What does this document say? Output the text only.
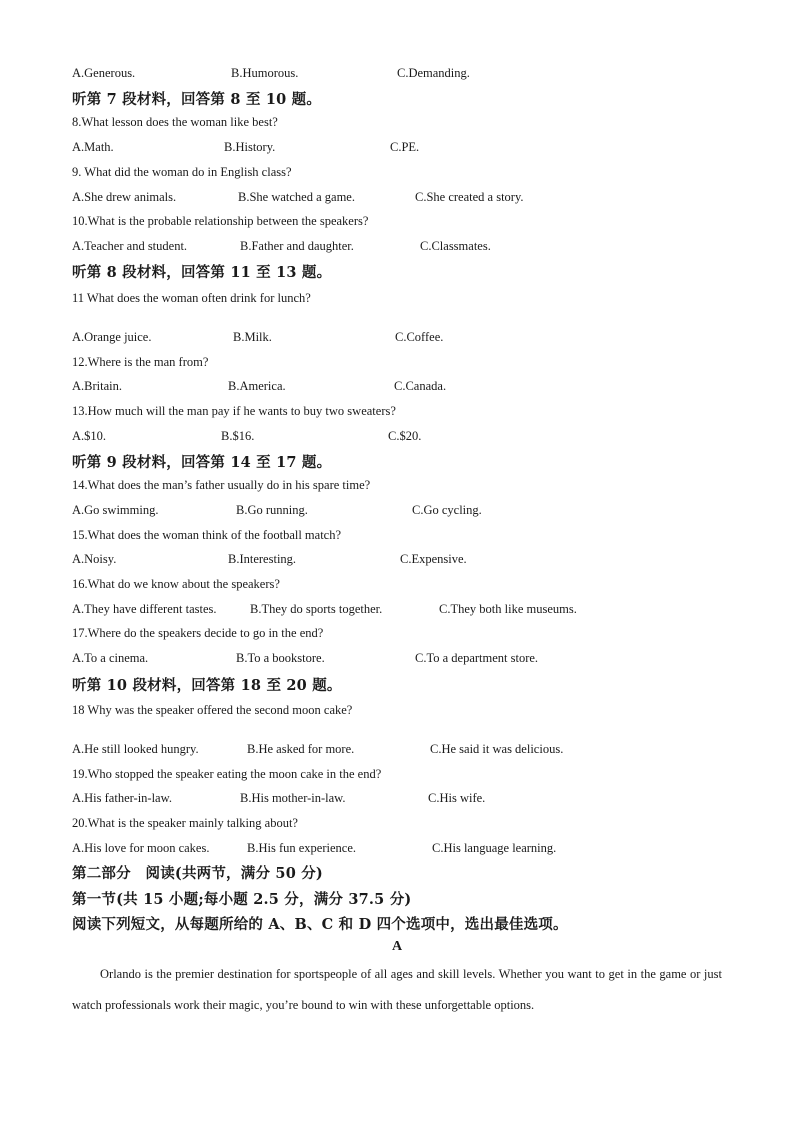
A.Generous.	B.Humorous.	C.Demanding.
听第 7 段材料，回答第 8 至 10 题。
8.What lesson does the woman like best?
A.Math.	B.History.	C.PE.
9. What did the woman do in English class?
A.She drew animals.	B.She watched a game.	C.She created a story.
10.What is the probable relationship between the speakers?
A.Teacher and student.	B.Father and daughter.	C.Classmates.
听第 8 段材料，回答第 11 至 13 题。
11 What does the woman often drink for lunch?
A.Orange juice.	B.Milk.	C.Coffee.
12.Where is the man from?
A.Britain.	B.America.	C.Canada.
13.How much will the man pay if he wants to buy two sweaters?
A.$10.	B.$16.	C.$20.
听第 9 段材料，回答第 14 至 17 题。
14.What does the man’s father usually do in his spare time?
A.Go swimming.	B.Go running.	C.Go cycling.
15.What does the woman think of the football match?
A.Noisy.	B.Interesting.	C.Expensive.
16.What do we know about the speakers?
A.They have different tastes.	B.They do sports together.	C.They both like museums.
17.Where do the speakers decide to go in the end?
A.To a cinema.	B.To a bookstore.	C.To a department store.
听第 10 段材料，回答第 18 至 20 题。
18 Why was the speaker offered the second moon cake?
A.He still looked hungry.	B.He asked for more.	C.He said it was delicious.
19.Who stopped the speaker eating the moon cake in the end?
A.His father-in-law.	B.His mother-in-law.	C.His wife.
20.What is the speaker mainly talking about?
A.His love for moon cakes.	B.His fun experience.	C.His language learning.
第二部分　阅读(共两节，满分 50 分)
第一节(共 15 小题;每小题 2.5 分，满分 37.5 分)
阅读下列短文，从每题所给的 A、B、C 和 D 四个选项中，选出最佳选项。
A
Orlando is the premier destination for sportspeople of all ages and skill levels. Whether you want to get in the game or just watch professionals work their magic, you’re bound to win with these unforgettable options.
